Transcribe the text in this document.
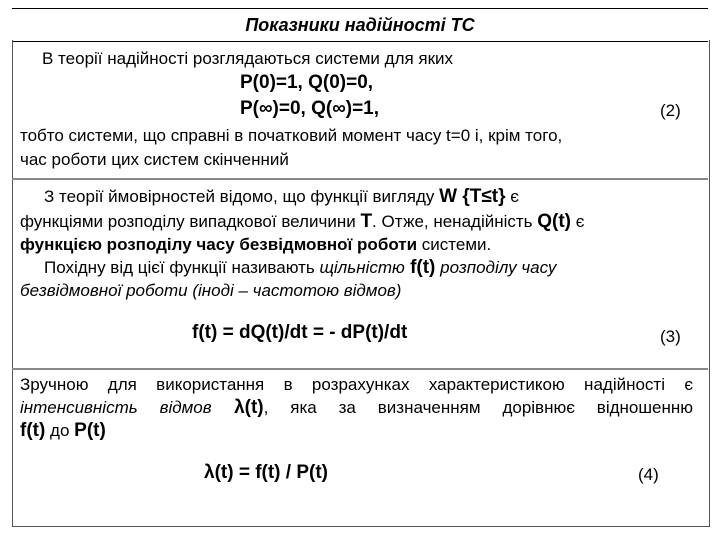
Показники надійності ТС
В теорії надійності розглядаються системи для яких
P(0)=1, Q(0)=0,
P(∞)=0, Q(∞)=1,	(2)
тобто системи, що справні в початковий момент часу t=0 і, крім того,
час роботи цих систем скінченний
З теорії ймовірностей відомо, що функції вигляду W {T≤t} є
функціями розподілу випадкової величини T. Отже, ненадійність Q(t) є
функцією розподілу часу безвідмовної роботи системи.
Похідну від цієї функції називають щільністю f(t) розподілу часу
безвідмовної роботи (іноді – частотою відмов)
f(t) = dQ(t)/dt = - dP(t)/dt	(3)
Зручною для використання в розрахунках характеристикою надійності є
інтенсивність відмов λ(t), яка за визначенням дорівнює відношенню
f(t) до P(t)
λ(t) = f(t) / P(t)	(4)
